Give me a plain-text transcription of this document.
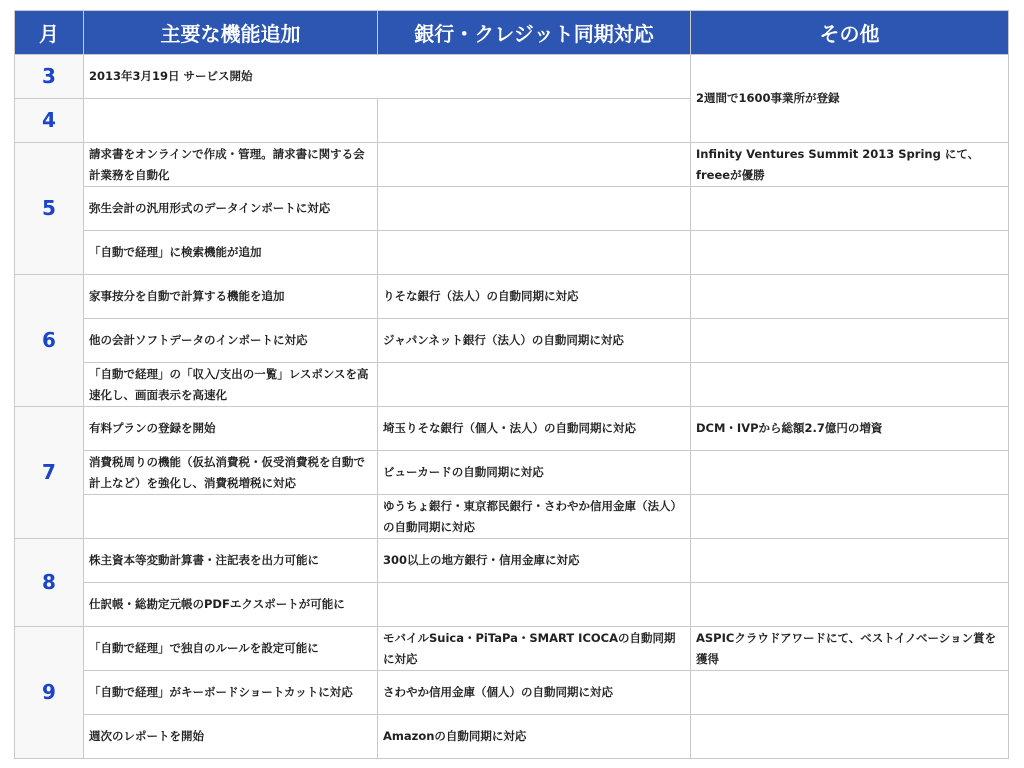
月	主要な機能追加	銀行・クレジット同期対応	その他
3	2013年3月19日 サービス開始		2週間で1600事業所が登録
4			
5	請求書をオンラインで作成・管理。請求書に関する会計業務を自動化		Infinity Ventures Summit 2013 Spring にて、freeeが優勝
	弥生会計の汎用形式のデータインポートに対応		
	「自動で経理」に検索機能が追加		
6	家事按分を自動で計算する機能を追加	りそな銀行（法人）の自動同期に対応	
	他の会計ソフトデータのインポートに対応	ジャパンネット銀行（法人）の自動同期に対応	
	「自動で経理」の「収入/支出の一覧」レスポンスを高速化し、画面表示を高速化		
7	有料プランの登録を開始	埼玉りそな銀行（個人・法人）の自動同期に対応	DCM・IVPから総額2.7億円の増資
	消費税周りの機能（仮払消費税・仮受消費税を自動で計上など）を強化し、消費税増税に対応	ビューカードの自動同期に対応	
		ゆうちょ銀行・東京都民銀行・さわやか信用金庫（法人）の自動同期に対応	
8	株主資本等変動計算書・注記表を出力可能に	300以上の地方銀行・信用金庫に対応	
	仕訳帳・総勘定元帳のPDFエクスポートが可能に		
9	「自動で経理」で独自のルールを設定可能に	モバイルSuica・PiTaPa・SMART ICOCAの自動同期に対応	ASPICクラウドアワードにて、ベストイノベーション賞を獲得
	「自動で経理」がキーボードショートカットに対応	さわやか信用金庫（個人）の自動同期に対応	
	週次のレポートを開始	Amazonの自動同期に対応	
